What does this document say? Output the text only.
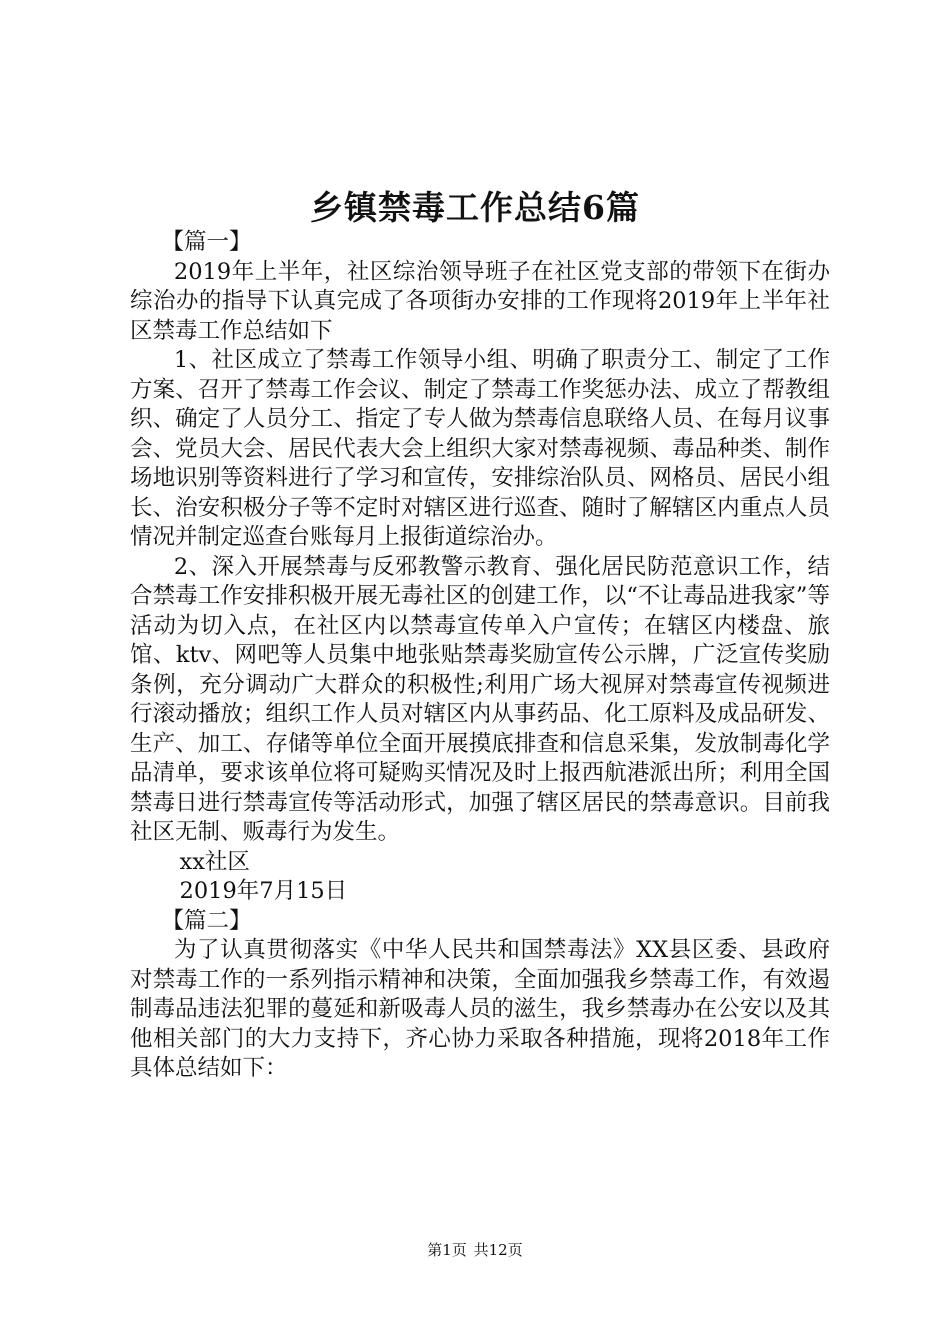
乡镇禁毒工作总结6篇

【篇一】

2019年上半年，社区综治领导班子在社区党支部的带领下在街办综治办的指导下认真完成了各项街办安排的工作现将2019年上半年社区禁毒工作总结如下

1、社区成立了禁毒工作领导小组、明确了职责分工、制定了工作方案、召开了禁毒工作会议、制定了禁毒工作奖惩办法、成立了帮教组织、确定了人员分工、指定了专人做为禁毒信息联络人员、在每月议事会、党员大会、居民代表大会上组织大家对禁毒视频、毒品种类、制作场地识别等资料进行了学习和宣传，安排综治队员、网格员、居民小组长、治安积极分子等不定时对辖区进行巡查、随时了解辖区内重点人员情况并制定巡查台账每月上报街道综治办。

2、深入开展禁毒与反邪教警示教育、强化居民防范意识工作，结合禁毒工作安排积极开展无毒社区的创建工作，以“不让毒品进我家”等活动为切入点，在社区内以禁毒宣传单入户宣传；在辖区内楼盘、旅馆、ktv、网吧等人员集中地张贴禁毒奖励宣传公示牌，广泛宣传奖励条例，充分调动广大群众的积极性;利用广场大视屏对禁毒宣传视频进行滚动播放；组织工作人员对辖区内从事药品、化工原料及成品研发、生产、加工、存储等单位全面开展摸底排查和信息采集，发放制毒化学品清单，要求该单位将可疑购买情况及时上报西航港派出所；利用全国禁毒日进行禁毒宣传等活动形式，加强了辖区居民的禁毒意识。目前我社区无制、贩毒行为发生。

xx社区

2019年7月15日

【篇二】

为了认真贯彻落实《中华人民共和国禁毒法》XX县区委、县政府对禁毒工作的一系列指示精神和决策，全面加强我乡禁毒工作，有效遏制毒品违法犯罪的蔓延和新吸毒人员的滋生，我乡禁毒办在公安以及其他相关部门的大力支持下，齐心协力采取各种措施，现将2018年工作具体总结如下：

第1页 共12页
